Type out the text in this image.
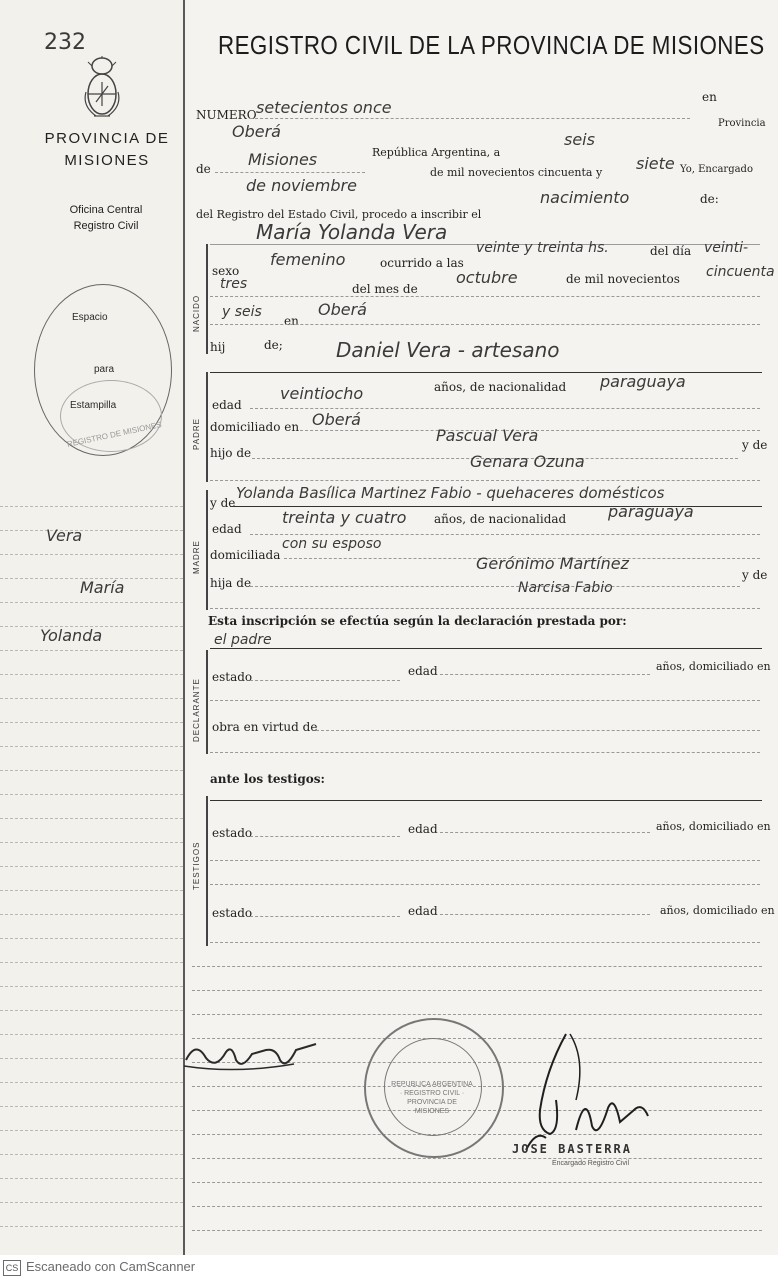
232
PROVINCIA DE
MISIONES
Oficina Central
Registro Civil
Espacio
para
Estampilla
REGISTRO DE MISIONES
Vera
María
Yolanda
REGISTRO CIVIL DE LA PROVINCIA DE MISIONES
NUMERO setecientos once
en
Oberá	Provincia
de Misiones	República Argentina, a
seis
de mil novecientos cincuenta y siete Yo, Encargado
de noviembre
del Registro del Estado Civil, procedo a inscribir el
nacimiento	de:
María Yolanda Vera
NACIDO
sexo
femenino	ocurrido a las
veinte y treinta hs.	del día veinti-
tres	del mes de
octubre	de mil novecientos cincuenta
y seis
en
Oberá
hij	de;	Daniel Vera - artesano
PADRE
edad
veintiocho	años, de nacionalidad paraguaya
domiciliado en Oberá
hijo de
Pascual Vera	y de
Genara Ozuna
MADRE
y de
Yolanda Basílica Martinez Fabio - quehaceres domésticos
edad
treinta y cuatro años, de nacionalidad	paraguaya
domiciliada
con su esposo
hija de
Gerónimo Martínez
y de
Narcisa Fabio
Esta inscripción se efectúa según la declaración prestada por:
el padre
DECLARANTE
estado	edad	años, domiciliado en
obra en virtud de
ante los testigos:
TESTIGOS
estado	edad	años, domiciliado en
estado	edad	años, domiciliado en
REPUBLICA ARGENTINA · REGISTRO CIVIL · PROVINCIA DE MISIONES
JOSE BASTERRA
Encargado Registro Civil
CS Escaneado con CamScanner
